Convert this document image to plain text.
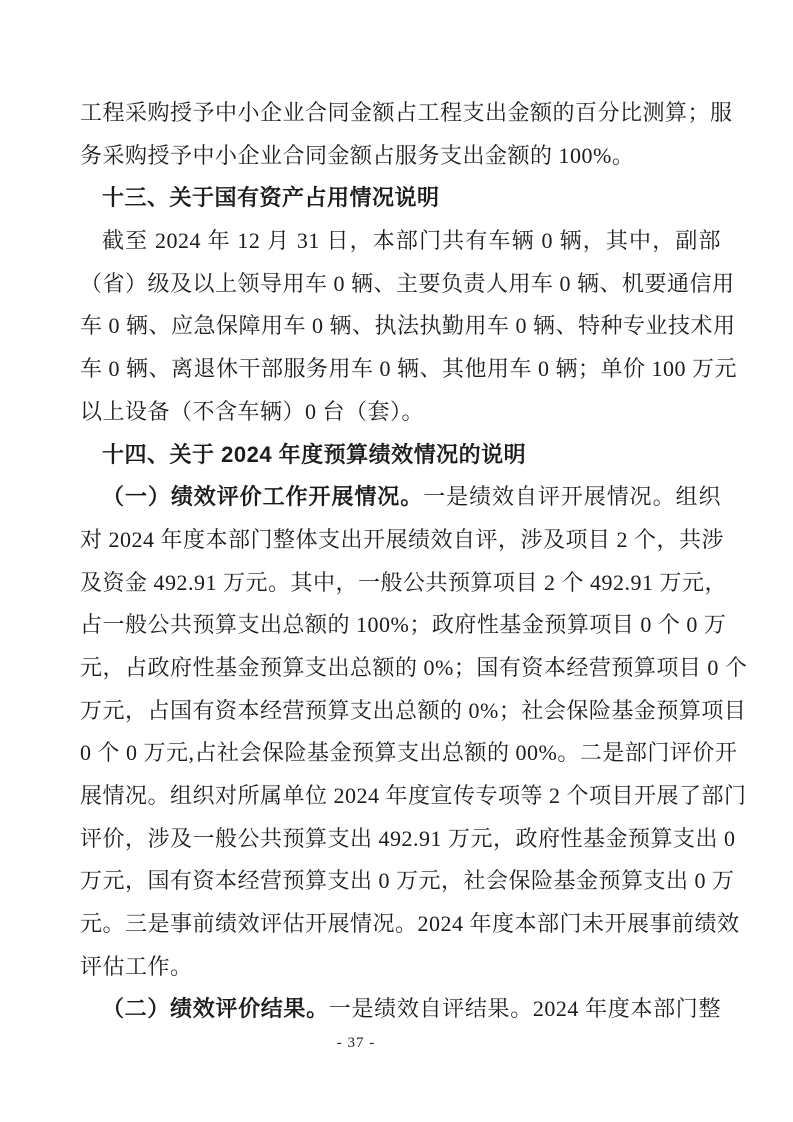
工程采购授予中小企业合同金额占工程支出金额的百分比测算；服
务采购授予中小企业合同金额占服务支出金额的 100%。
十三、关于国有资产占用情况说明
截至 2024 年 12 月 31 日，本部门共有车辆 0 辆，其中，副部
（省）级及以上领导用车 0 辆、主要负责人用车 0 辆、机要通信用
车 0 辆、应急保障用车 0 辆、执法执勤用车 0 辆、特种专业技术用
车 0 辆、离退休干部服务用车 0 辆、其他用车 0 辆；单价 100 万元
以上设备（不含车辆）0 台（套）。
十四、关于 2024 年度预算绩效情况的说明
（一）绩效评价工作开展情况。一是绩效自评开展情况。组织
对 2024 年度本部门整体支出开展绩效自评，涉及项目 2 个，共涉
及资金 492.91 万元。其中，一般公共预算项目 2 个 492.91 万元，
占一般公共预算支出总额的 100%；政府性基金预算项目 0 个 0 万
元，占政府性基金预算支出总额的 0%；国有资本经营预算项目 0 个
万元，占国有资本经营预算支出总额的 0%；社会保险基金预算项目
0 个 0 万元,占社会保险基金预算支出总额的 00%。二是部门评价开
展情况。组织对所属单位 2024 年度宣传专项等 2 个项目开展了部门
评价，涉及一般公共预算支出 492.91 万元，政府性基金预算支出 0
万元，国有资本经营预算支出 0 万元，社会保险基金预算支出 0 万
元。三是事前绩效评估开展情况。2024 年度本部门未开展事前绩效
评估工作。
（二）绩效评价结果。一是绩效自评结果。2024 年度本部门整
- 37 -
